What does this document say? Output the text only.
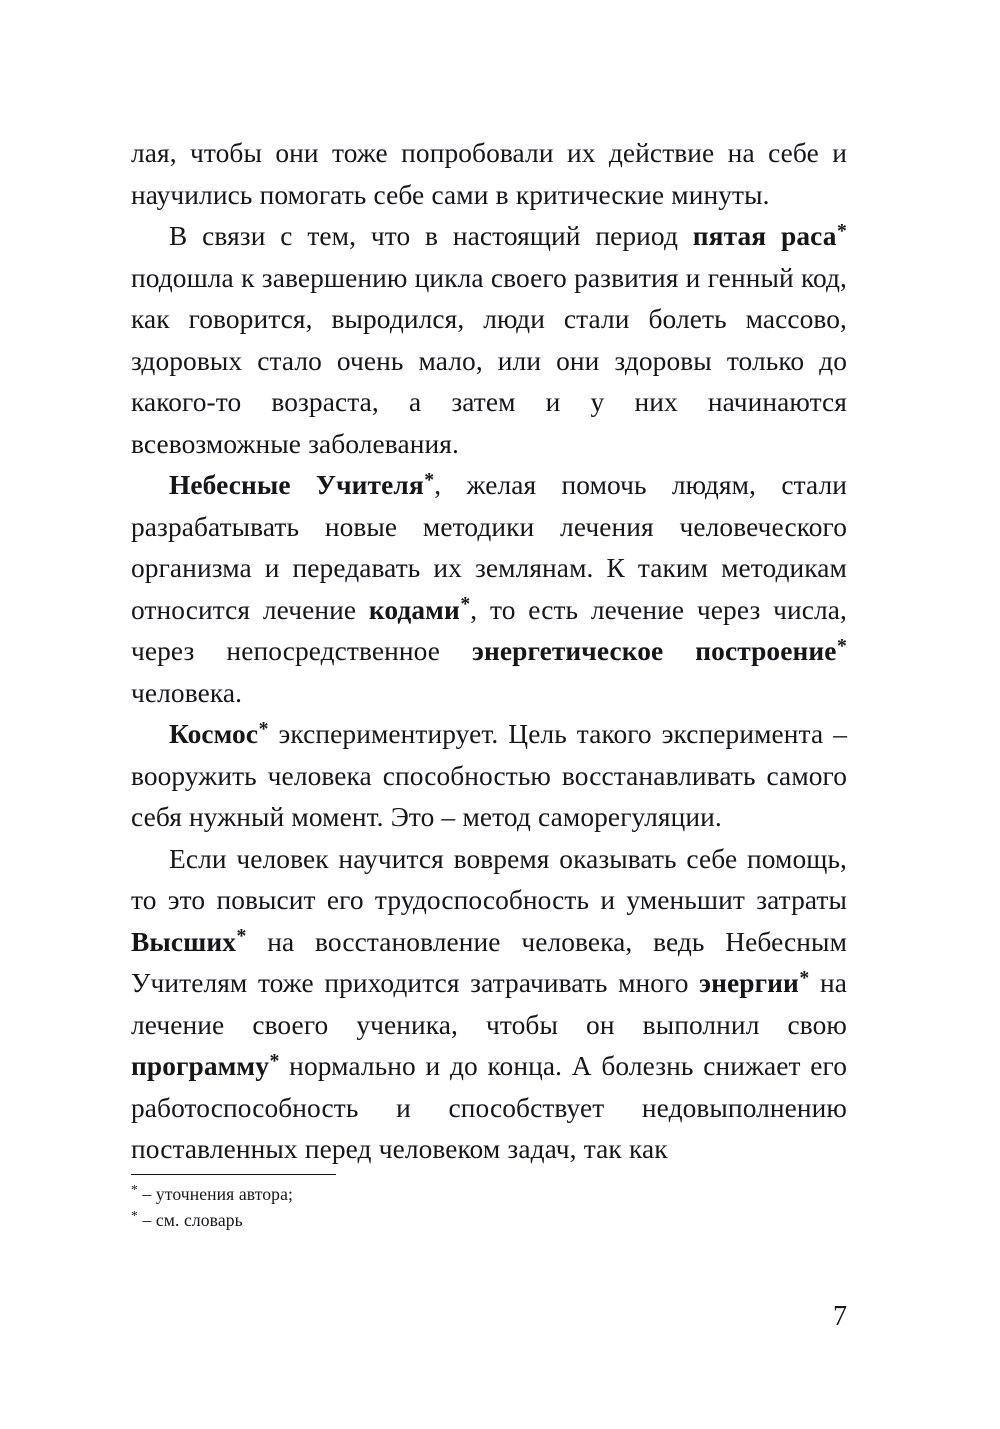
лая, чтобы они тоже попробовали их действие на себе и научились помогать себе сами в критические минуты.

В связи с тем, что в настоящий период пятая раса* подошла к завершению цикла своего развития и генный код, как говорится, выродился, люди стали болеть массово, здоровых стало очень мало, или они здоровы только до какого-то возраста, а затем и у них начинаются всевозможные заболевания.

Небесные Учителя*, желая помочь людям, стали разрабатывать новые методики лечения человеческого организма и передавать их землянам. К таким методикам относится лечение кодами*, то есть лечение через числа, через непосредственное энергетическое построение* человека.

Космос* экспериментирует. Цель такого эксперимента – вооружить человека способностью восстанавливать самого себя нужный момент. Это – метод саморегуляции.

Если человек научится вовремя оказывать себе помощь, то это повысит его трудоспособность и уменьшит затраты Высших* на восстановление человека, ведь Небесным Учителям тоже приходится затрачивать много энергии* на лечение своего ученика, чтобы он выполнил свою программу* нормально и до конца. А болезнь снижает его работоспособность и способствует недовыполнению поставленных перед человеком задач, так как

* – уточнения автора;

* – см. словарь

7
